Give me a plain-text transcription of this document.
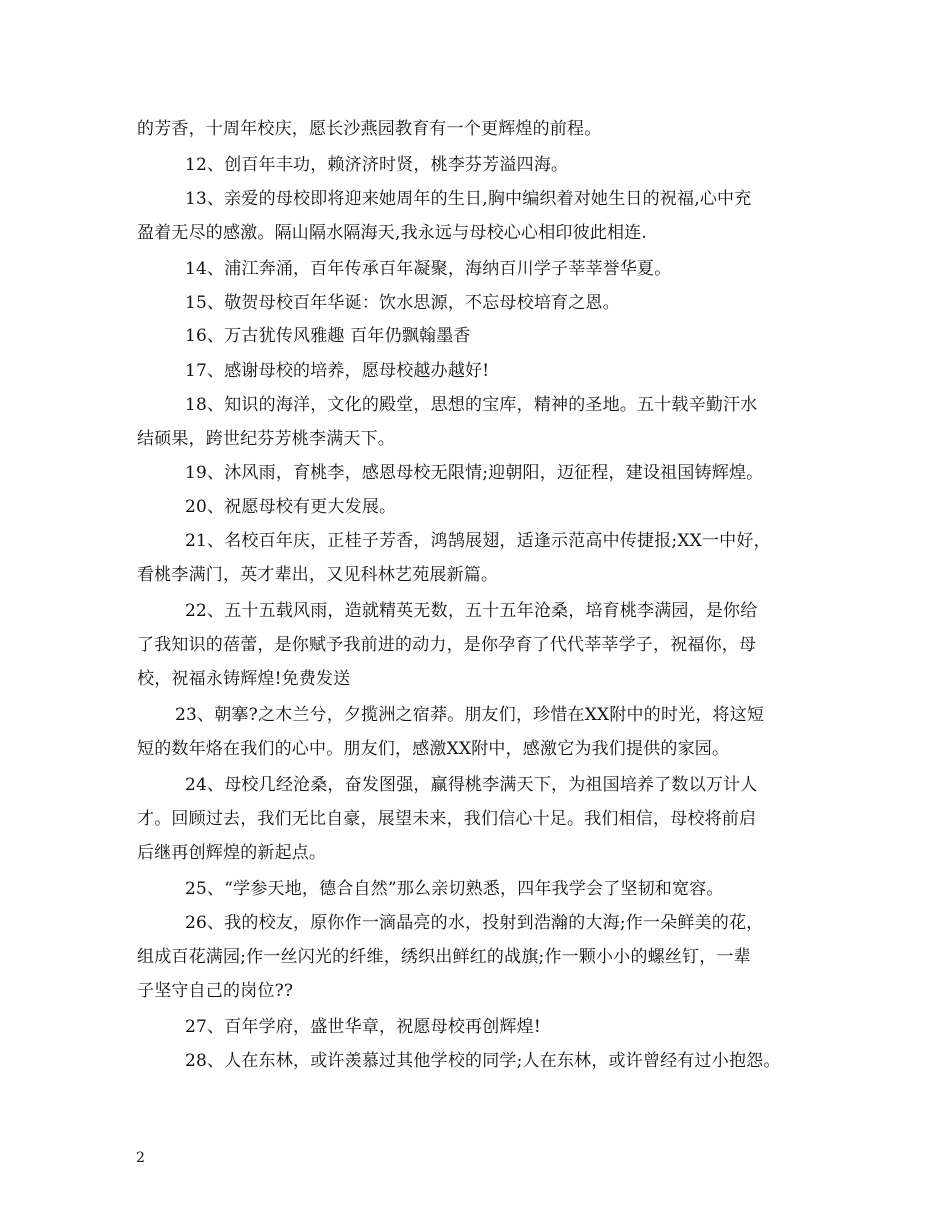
的芳香，十周年校庆，愿长沙燕园教育有一个更辉煌的前程。
12、创百年丰功，赖济济时贤，桃李芬芳溢四海。
13、亲爱的母校即将迎来她周年的生日,胸中编织着对她生日的祝福,心中充
盈着无尽的感激。隔山隔水隔海天,我永远与母校心心相印彼此相连.
14、浦江奔涌，百年传承百年凝聚，海纳百川学子莘莘誉华夏。
15、敬贺母校百年华诞：饮水思源，不忘母校培育之恩。
16、万古犹传风雅趣 百年仍飘翰墨香
17、感谢母校的培养，愿母校越办越好!
18、知识的海洋，文化的殿堂，思想的宝库，精神的圣地。五十载辛勤汗水
结硕果，跨世纪芬芳桃李满天下。
19、沐风雨，育桃李，感恩母校无限情;迎朝阳，迈征程，建设祖国铸辉煌。
20、祝愿母校有更大发展。
21、名校百年庆，正桂子芳香，鸿鹄展翅，适逢示范高中传捷报;XX一中好，
看桃李满门，英才辈出，又见科林艺苑展新篇。
22、五十五载风雨，造就精英无数，五十五年沧桑，培育桃李满园，是你给
了我知识的蓓蕾，是你赋予我前进的动力，是你孕育了代代莘莘学子，祝福你，母
校，祝福永铸辉煌!免费发送
23、朝搴?之木兰兮，夕揽洲之宿莽。朋友们，珍惜在XX附中的时光，将这短
短的数年烙在我们的心中。朋友们，感激XX附中，感激它为我们提供的家园。
24、母校几经沧桑，奋发图强，赢得桃李满天下，为祖国培养了数以万计人
才。回顾过去，我们无比自豪，展望未来，我们信心十足。我们相信，母校将前启
后继再创辉煌的新起点。
25、“学参天地，德合自然”那么亲切熟悉，四年我学会了坚韧和宽容。
26、我的校友，原你作一滴晶亮的水，投射到浩瀚的大海;作一朵鲜美的花，
组成百花满园;作一丝闪光的纤维，绣织出鲜红的战旗;作一颗小小的螺丝钉，一辈
子坚守自己的岗位??
27、百年学府，盛世华章，祝愿母校再创辉煌!
28、人在东林，或许羡慕过其他学校的同学;人在东林，或许曾经有过小抱怨。
2
